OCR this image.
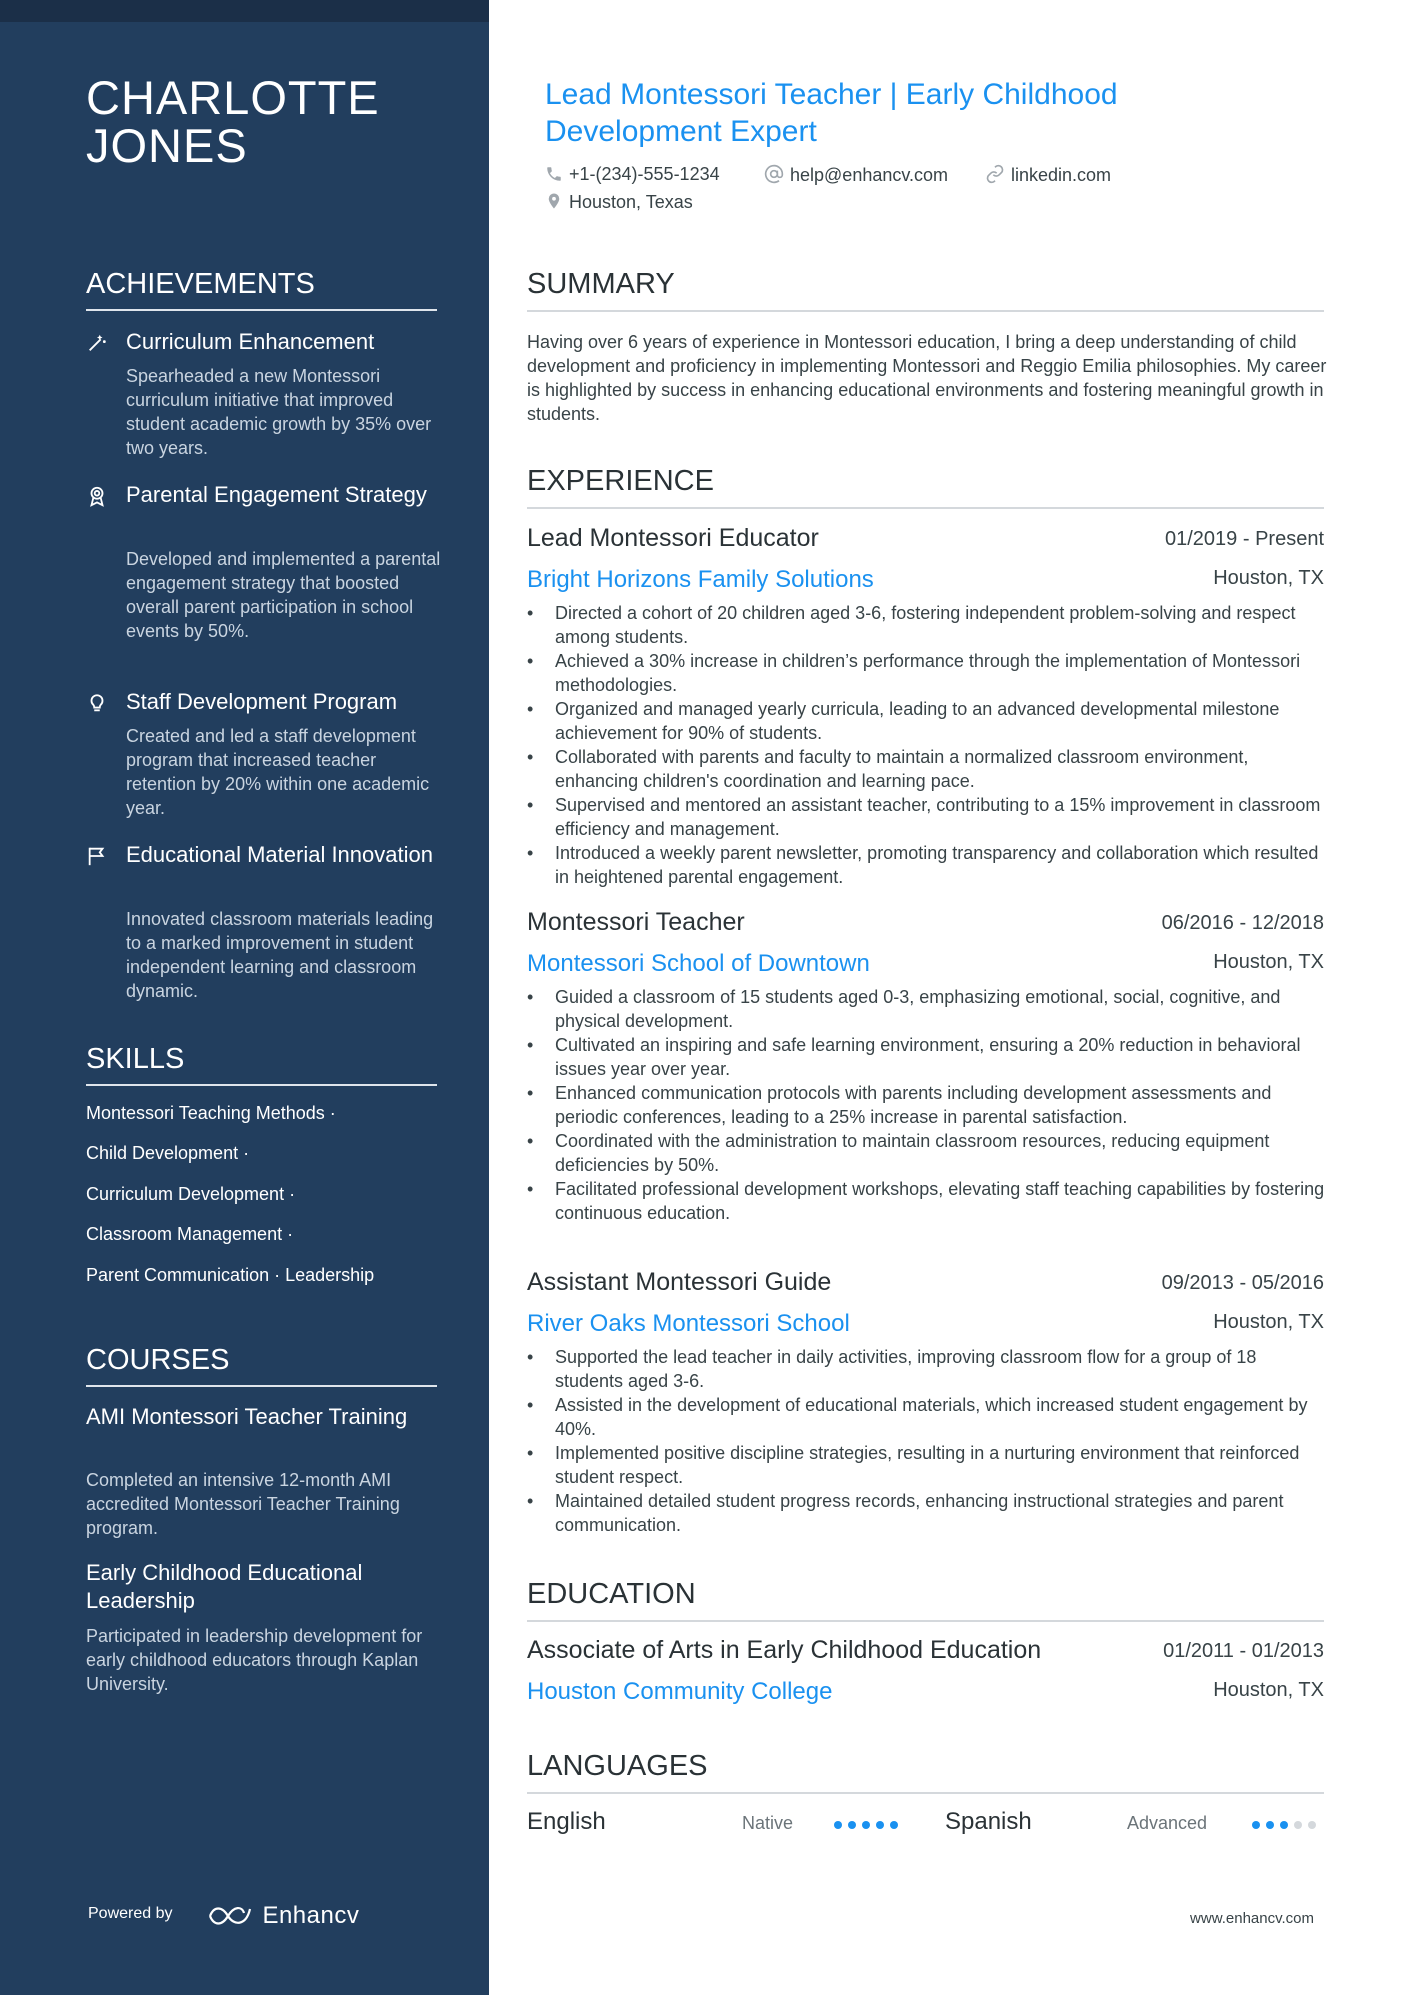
CHARLOTTE
JONES
ACHIEVEMENTS
Curriculum Enhancement
Spearheaded a new Montessori curriculum initiative that improved student academic growth by 35% over two years.
Parental Engagement Strategy
Developed and implemented a parental engagement strategy that boosted overall parent participation in school events by 50%.
Staff Development Program
Created and led a staff development program that increased teacher retention by 20% within one academic year.
Educational Material Innovation
Innovated classroom materials leading to a marked improvement in student independent learning and classroom dynamic.
SKILLS
Montessori Teaching Methods ·
Child Development ·
Curriculum Development ·
Classroom Management ·
Parent Communication · Leadership
COURSES
AMI Montessori Teacher Training
Completed an intensive 12-month AMI accredited Montessori Teacher Training program.
Early Childhood Educational Leadership
Participated in leadership development for early childhood educators through Kaplan University.
Powered by	Enhancv
Lead Montessori Teacher | Early Childhood Development Expert
+1-(234)-555-1234	help@enhancv.com	linkedin.com
Houston, Texas
SUMMARY
Having over 6 years of experience in Montessori education, I bring a deep understanding of child development and proficiency in implementing Montessori and Reggio Emilia philosophies. My career is highlighted by success in enhancing educational environments and fostering meaningful growth in students.
EXPERIENCE
Lead Montessori Educator	01/2019 - Present
Bright Horizons Family Solutions	Houston, TX
• Directed a cohort of 20 children aged 3-6, fostering independent problem-solving and respect among students.
• Achieved a 30% increase in children’s performance through the implementation of Montessori methodologies.
• Organized and managed yearly curricula, leading to an advanced developmental milestone achievement for 90% of students.
• Collaborated with parents and faculty to maintain a normalized classroom environment, enhancing children's coordination and learning pace.
• Supervised and mentored an assistant teacher, contributing to a 15% improvement in classroom efficiency and management.
• Introduced a weekly parent newsletter, promoting transparency and collaboration which resulted in heightened parental engagement.
Montessori Teacher	06/2016 - 12/2018
Montessori School of Downtown	Houston, TX
• Guided a classroom of 15 students aged 0-3, emphasizing emotional, social, cognitive, and physical development.
• Cultivated an inspiring and safe learning environment, ensuring a 20% reduction in behavioral issues year over year.
• Enhanced communication protocols with parents including development assessments and periodic conferences, leading to a 25% increase in parental satisfaction.
• Coordinated with the administration to maintain classroom resources, reducing equipment deficiencies by 50%.
• Facilitated professional development workshops, elevating staff teaching capabilities by fostering continuous education.
Assistant Montessori Guide	09/2013 - 05/2016
River Oaks Montessori School	Houston, TX
• Supported the lead teacher in daily activities, improving classroom flow for a group of 18 students aged 3-6.
• Assisted in the development of educational materials, which increased student engagement by 40%.
• Implemented positive discipline strategies, resulting in a nurturing environment that reinforced student respect.
• Maintained detailed student progress records, enhancing instructional strategies and parent communication.
EDUCATION
Associate of Arts in Early Childhood Education	01/2011 - 01/2013
Houston Community College	Houston, TX
LANGUAGES
English	Native	Spanish	Advanced
www.enhancv.com
